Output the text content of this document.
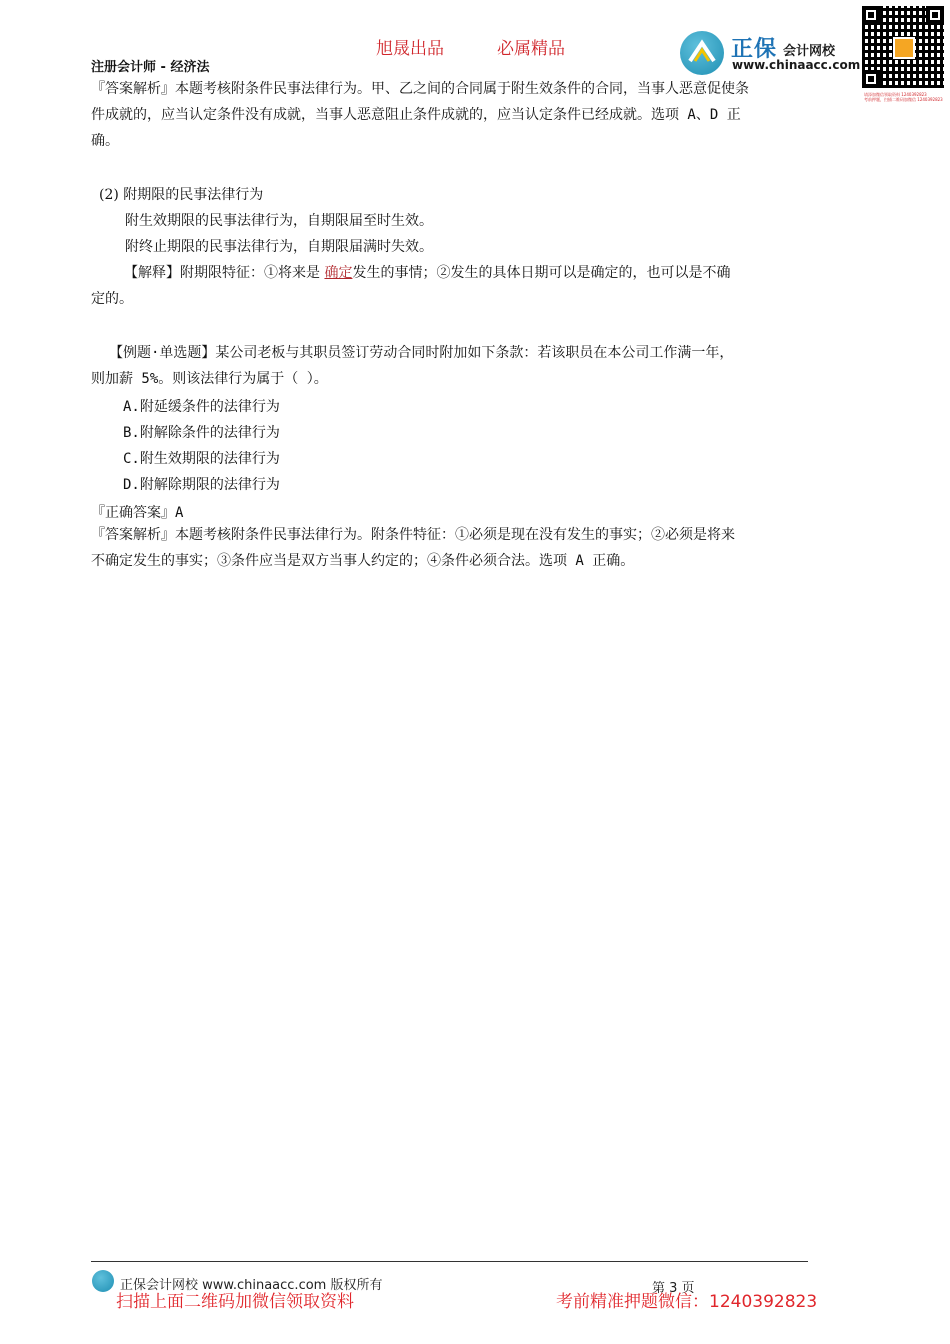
旭晟出品	必属精品
注册会计师 - 经济法
正保 会计网校
www.chinaacc.com
请添加微信领取资料 1240392823
考前押题，扫描二维码加微信 1240392823
『答案解析』本题考核附条件民事法律行为。甲、乙之间的合同属于附生效条件的合同，当事人恶意促使条
件成就的，应当认定条件没有成就，当事人恶意阻止条件成就的，应当认定条件已经成就。选项 A、D 正
确。
(2) 附期限的民事法律行为
附生效期限的民事法律行为，自期限届至时生效。
附终止期限的民事法律行为，自期限届满时失效。
【解释】附期限特征：①将来是 确定发生的事情；②发生的具体日期可以是确定的，也可以是不确
定的。
【例题·单选题】某公司老板与其职员签订劳动合同时附加如下条款：若该职员在本公司工作满一年，
则加薪 5%。则该法律行为属于（ ）。
A.附延缓条件的法律行为
B.附解除条件的法律行为
C.附生效期限的法律行为
D.附解除期限的法律行为
『正确答案』A
『答案解析』本题考核附条件民事法律行为。附条件特征：①必须是现在没有发生的事实；②必须是将来
不确定发生的事实；③条件应当是双方当事人约定的；④条件必须合法。选项 A 正确。
正保会计网校 www.chinaacc.com 版权所有	第 3 页
扫描上面二维码加微信领取资料	考前精准押题微信：1240392823
